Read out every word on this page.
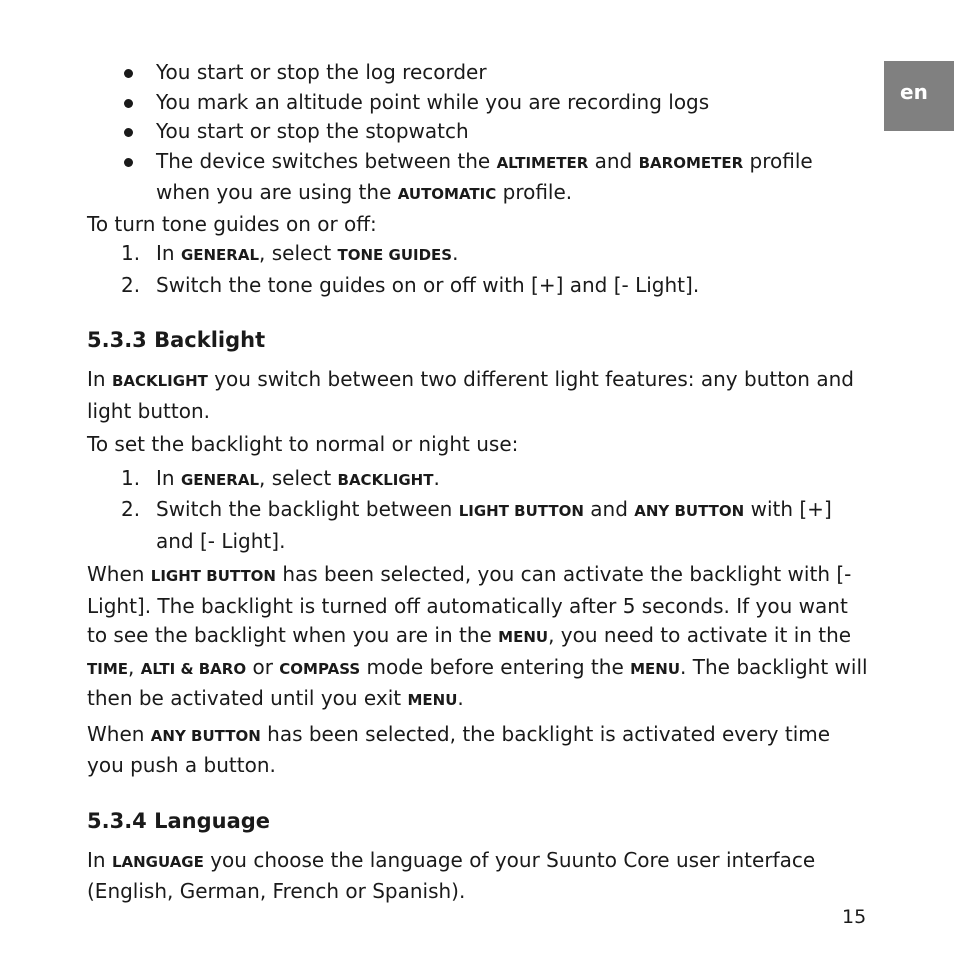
en
You start or stop the log recorder
You mark an altitude point while you are recording logs
You start or stop the stopwatch
The device switches between the ALTIMETER and BAROMETER profile when you are using the AUTOMATIC profile.

To turn tone guides on or off:

1. In GENERAL, select TONE GUIDES.
2. Switch the tone guides on or off with [+] and [- Light].
5.3.3 Backlight

In BACKLIGHT you switch between two different light features: any button and light button.

To set the backlight to normal or night use:

1. In GENERAL, select BACKLIGHT.
2. Switch the backlight between LIGHT BUTTON and ANY BUTTON with [+] and [- Light].

When LIGHT BUTTON has been selected, you can activate the backlight with [-Light]. The backlight is turned off automatically after 5 seconds. If you want to see the backlight when you are in the MENU, you need to activate it in the TIME, ALTI & BARO or COMPASS mode before entering the MENU. The backlight will then be activated until you exit MENU.

When ANY BUTTON has been selected, the backlight is activated every time you push a button.

5.3.4 Language

In LANGUAGE you choose the language of your Suunto Core user interface (English, German, French or Spanish).

15
